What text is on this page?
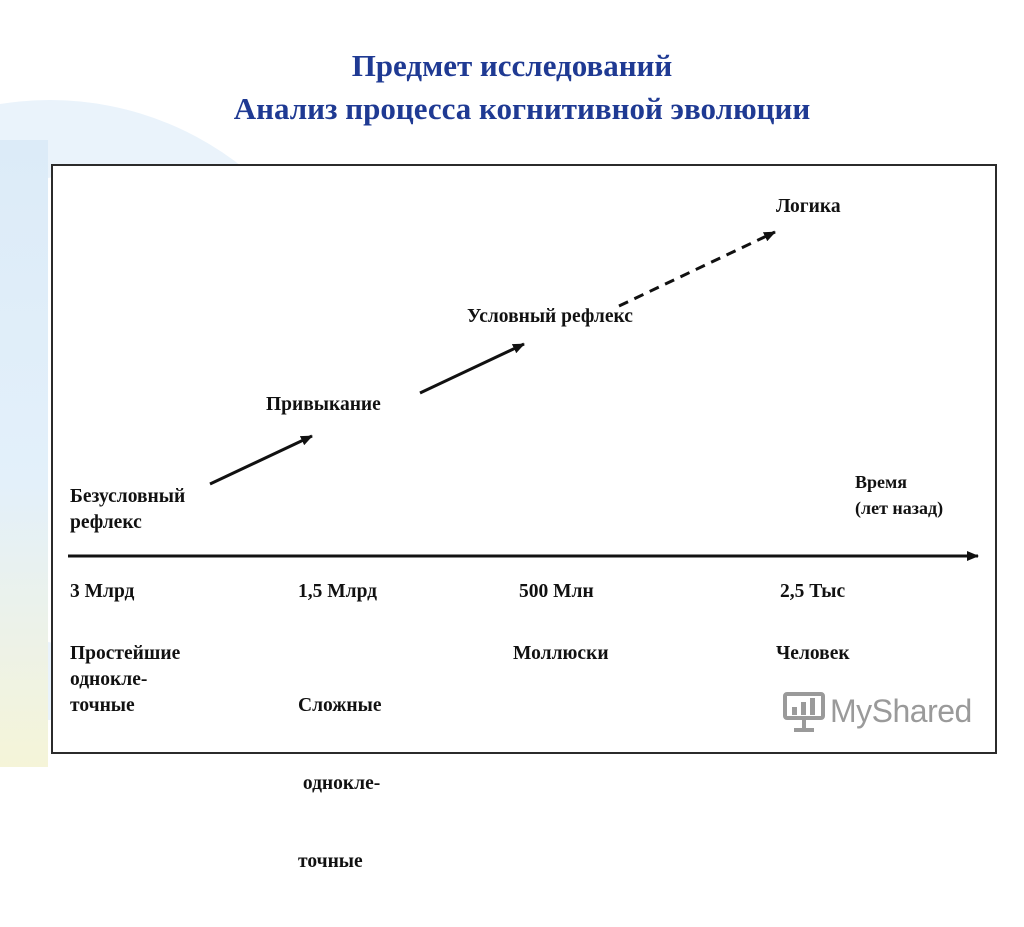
Предмет исследований
Анализ процесса когнитивной эволюции
Безусловный
рефлекс
Привыкание
Условный рефлекс
Логика
Время
(лет назад)
3 Млрд	1,5 Млрд	500 Млн	2,5 Тыс
Простейшие
однокле-
точные

	Сложные

однокле-

точные

Моллюски	Человек
MyShared
